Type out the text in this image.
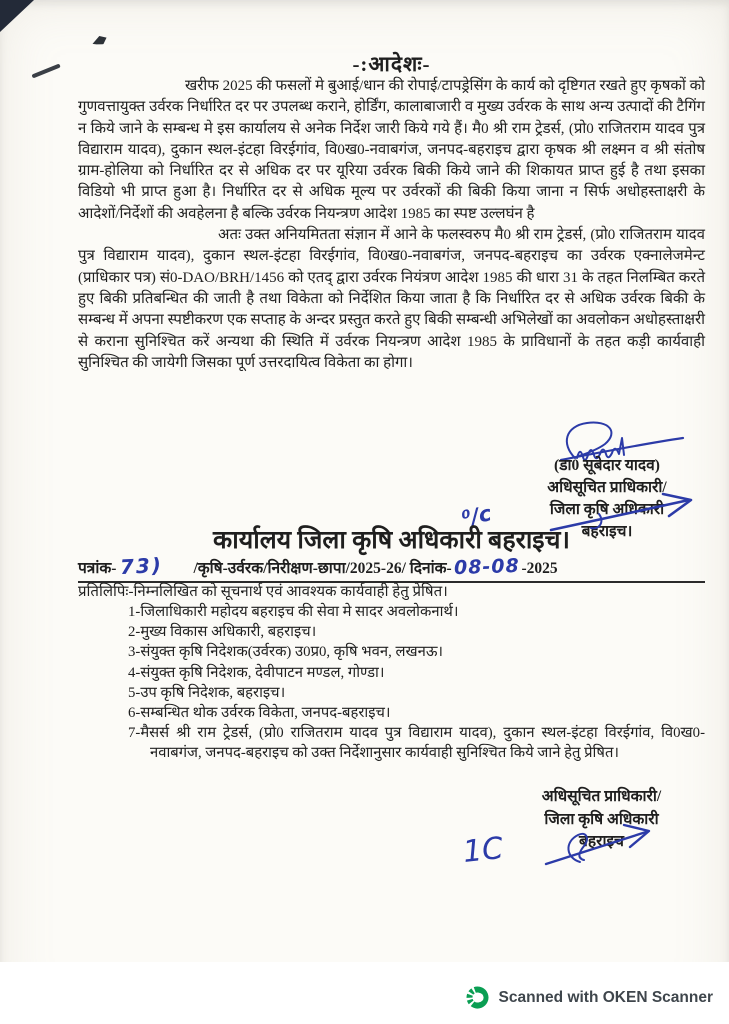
-:आदेशः-

खरीफ 2025 की फसलों मे बुआई/धान की रोपाई/टापड्रेसिंग के कार्य को दृष्टिगत रखते हुए कृषकों को गुणवत्तायुक्त उर्वरक निर्धारित दर पर उपलब्ध कराने, होर्डिंग, कालाबाजारी व मुख्य उर्वरक के साथ अन्य उत्पादों की टैगिंग न किये जाने के सम्बन्ध मे इस कार्यालय से अनेक निर्देश जारी किये गये हैं। मै0 श्री राम ट्रेडर्स, (प्रो0 राजितराम यादव पुत्र विद्याराम यादव), दुकान स्थल-इंटहा विरईगांव, वि0ख0-नवाबगंज, जनपद-बहराइच द्वारा कृषक श्री लक्ष्मन व श्री संतोष ग्राम-होलिया को निर्धारित दर से अधिक दर पर यूरिया उर्वरक बिकी किये जाने की शिकायत प्राप्त हुई है तथा इसका विडियो भी प्राप्त हुआ है। निर्धारित दर से अधिक मूल्य पर उर्वरकों की बिकी किया जाना न सिर्फ अधोहस्ताक्षरी के आदेशों/निर्देशों की अवहेलना है बल्कि उर्वरक नियन्त्रण आदेश 1985 का स्पष्ट उल्लघंन है

अतः उक्त अनियमितता संज्ञान में आने के फलस्वरुप मै0 श्री राम ट्रेडर्स, (प्रो0 राजितराम यादव पुत्र विद्याराम यादव), दुकान स्थल-इंटहा विरईगांव, वि0ख0-नवाबगंज, जनपद-बहराइच का उर्वरक एक्नालेजमेन्ट (प्राधिकार पत्र) सं0-DAO/BRH/1456 को एतद् द्वारा उर्वरक नियंत्रण आदेश 1985 की धारा 31 के तहत निलम्बित करते हुए बिकी प्रतिबन्धित की जाती है तथा विकेता को निर्देशित किया जाता है कि निर्धारित दर से अधिक उर्वरक बिकी के सम्बन्ध में अपना स्पष्टीकरण एक सप्ताह के अन्दर प्रस्तुत करते हुए बिकी सम्बन्धी अभिलेखों का अवलोकन अधोहस्ताक्षरी से कराना सुनिश्चित करें अन्यथा की स्थिति में उर्वरक नियन्त्रण आदेश 1985 के प्राविधानों के तहत कड़ी कार्यवाही सुनिश्चित की जायेगी जिसका पूर्ण उत्तरदायित्व विकेता का होगा।

(डा0 सूबेदार यादव)
अधिसूचित प्राधिकारी/
जिला कृषि अधिकारी
बहराइच।
⁰/c
कार्यालय जिला कृषि अधिकारी बहराइच।
पत्रांक- 73) /कृषि-उर्वरक/निरीक्षण-छापा/2025-26/ दिनांक-08-08 -2025
प्रतिलिपिः-निम्नलिखित को सूचनार्थ एवं आवश्यक कार्यवाही हेतु प्रेषित।

1-जिलाधिकारी महोदय बहराइच की सेवा मे सादर अवलोकनार्थ।

2-मुख्य विकास अधिकारी, बहराइच।

3-संयुक्त कृषि निदेशक(उर्वरक) उ0प्र0, कृषि भवन, लखनऊ।

4-संयुक्त कृषि निदेशक, देवीपाटन मण्डल, गोण्डा।

5-उप कृषि निदेशक, बहराइच।

6-सम्बन्धित थोक उर्वरक विकेता, जनपद-बहराइच।

7-मैसर्स श्री राम ट्रेडर्स, (प्रो0 राजितराम यादव पुत्र विद्याराम यादव), दुकान स्थल-इंटहा विरईगांव, वि0ख0-नवाबगंज, जनपद-बहराइच को उक्त निर्देशानुसार कार्यवाही सुनिश्चित किये जाने हेतु प्रेषित।

अधिसूचित प्राधिकारी/
जिला कृषि अधिकारी
बहराइच
1C
Scanned with OKEN Scanner
